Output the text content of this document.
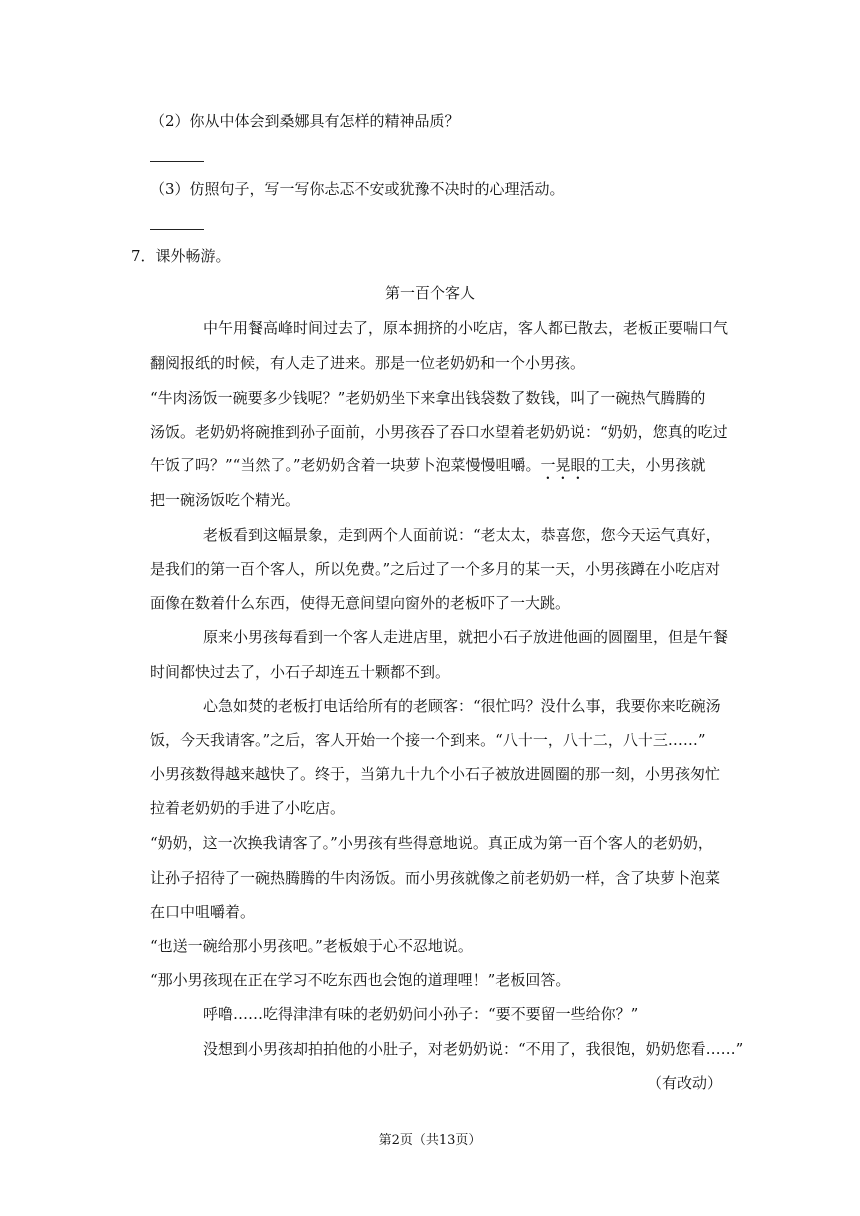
（2）你从中体会到桑娜具有怎样的精神品质？
（3）仿照句子，写一写你忐忑不安或犹豫不决时的心理活动。
7．课外畅游。
第一百个客人
中午用餐高峰时间过去了，原本拥挤的小吃店，客人都已散去，老板正要喘口气
翻阅报纸的时候，有人走了进来。那是一位老奶奶和一个小男孩。
“牛肉汤饭一碗要多少钱呢？”老奶奶坐下来拿出钱袋数了数钱，叫了一碗热气腾腾的
汤饭。老奶奶将碗推到孙子面前，小男孩吞了吞口水望着老奶奶说：“奶奶，您真的吃过
午饭了吗？”“当然了。”老奶奶含着一块萝卜泡菜慢慢咀嚼。一晃眼的工夫，小男孩就
把一碗汤饭吃个精光。
老板看到这幅景象，走到两个人面前说：“老太太，恭喜您，您今天运气真好，
是我们的第一百个客人，所以免费。”之后过了一个多月的某一天，小男孩蹲在小吃店对
面像在数着什么东西，使得无意间望向窗外的老板吓了一大跳。
原来小男孩每看到一个客人走进店里，就把小石子放进他画的圆圈里，但是午餐
时间都快过去了，小石子却连五十颗都不到。
心急如焚的老板打电话给所有的老顾客：“很忙吗？没什么事，我要你来吃碗汤
饭，今天我请客。”之后，客人开始一个接一个到来。“八十一，八十二，八十三……”
小男孩数得越来越快了。终于，当第九十九个小石子被放进圆圈的那一刻，小男孩匆忙
拉着老奶奶的手进了小吃店。
“奶奶，这一次换我请客了。”小男孩有些得意地说。真正成为第一百个客人的老奶奶，
让孙子招待了一碗热腾腾的牛肉汤饭。而小男孩就像之前老奶奶一样，含了块萝卜泡菜
在口中咀嚼着。
“也送一碗给那小男孩吧。”老板娘于心不忍地说。
“那小男孩现在正在学习不吃东西也会饱的道理哩！”老板回答。
呼噜……吃得津津有味的老奶奶问小孙子：“要不要留一些给你？”
没想到小男孩却拍拍他的小肚子，对老奶奶说：“不用了，我很饱，奶奶您看……”
（有改动）
第2页（共13页）
